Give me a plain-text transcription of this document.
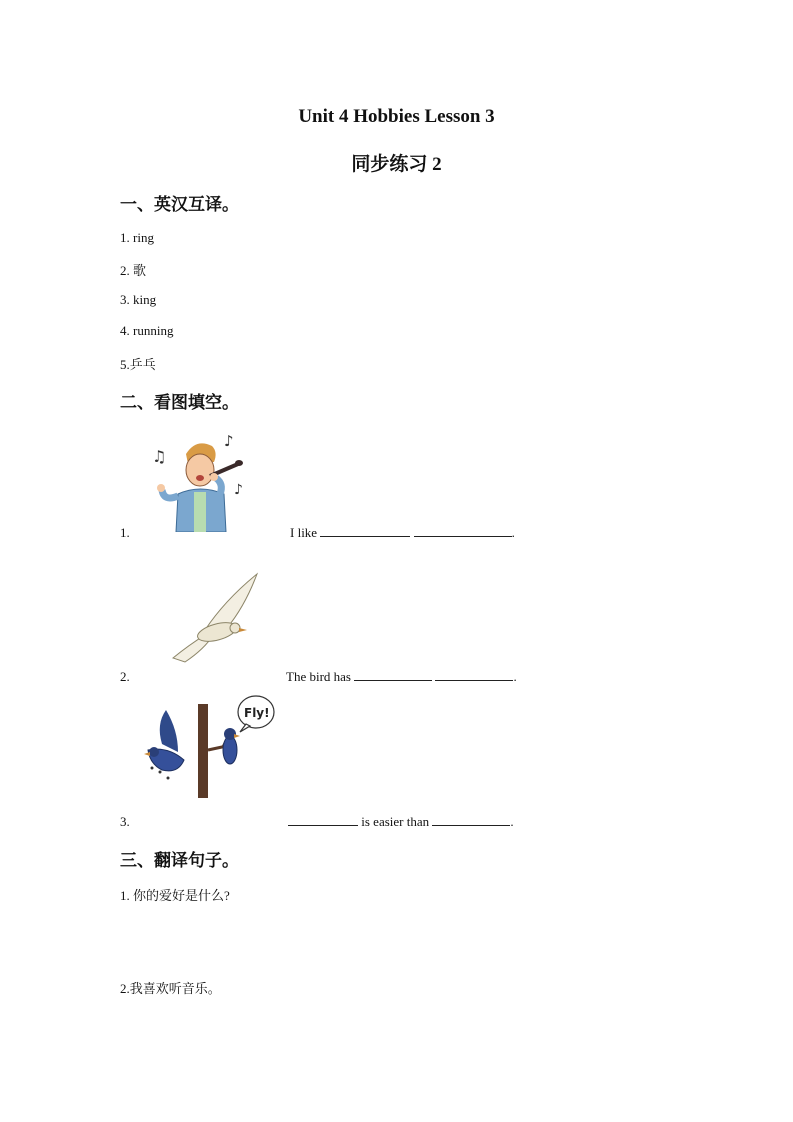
Unit 4 Hobbies Lesson 3
同步练习 2
一、英汉互译。
1. ring
2. 歌
3. king
4. running
5.乒乓
二、看图填空。
♫
♪
♪
1.	I like	.
2.	The bird has	.
Fly!
3.	is easier than	.
三、翻译句子。
1. 你的爱好是什么?
2.我喜欢听音乐。
